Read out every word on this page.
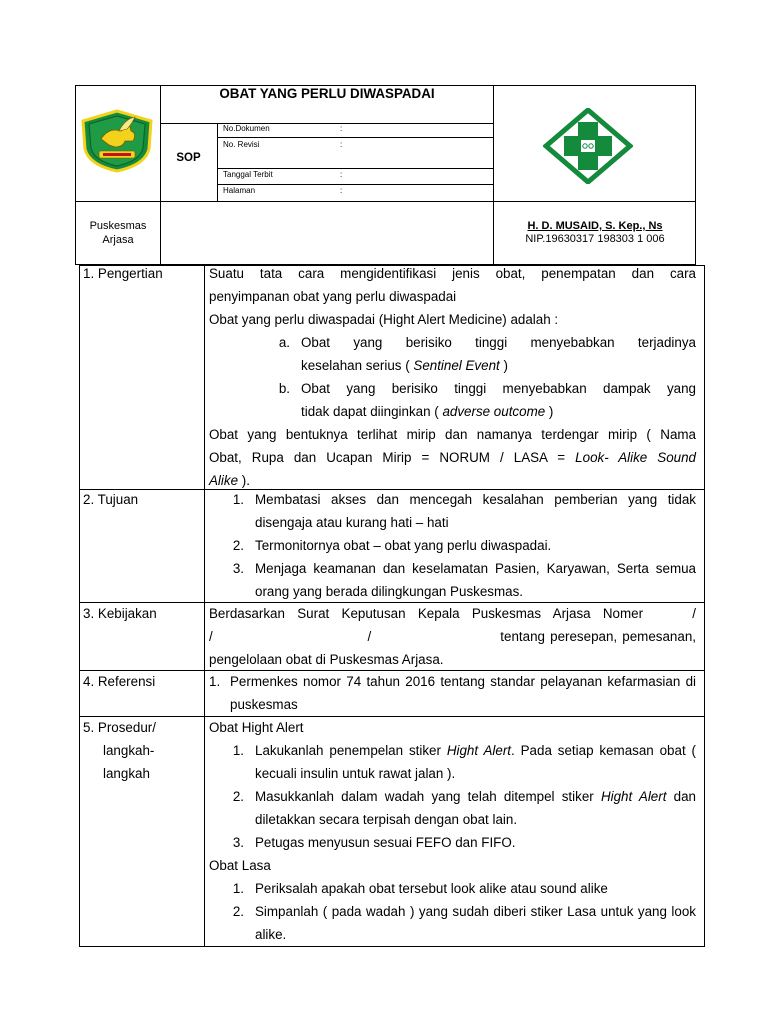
OBAT YANG PERLU DIWASPADAI
SOP
No.Dokumen	:
No. Revisi	:
Tanggal Terbit	:
Halaman	:
Puskesmas
Arjasa
H. D. MUSAID, S. Kep., Ns
NIP.19630317 198303 1 006
1. Pengertian	Suatu tata cara mengidentifikasi jenis obat, penempatan dan cara
penyimpanan obat yang perlu diwaspadai
Obat yang perlu diwaspadai (Hight Alert Medicine) adalah :
a. Obat yang berisiko tinggi menyebabkan terjadinya
keselahan serius ( Sentinel Event )
b. Obat yang berisiko tinggi menyebabkan dampak yang
tidak dapat diinginkan ( adverse outcome )
Obat yang bentuknya terlihat mirip dan namanya terdengar mirip ( Nama
Obat, Rupa dan Ucapan Mirip = NORUM / LASA = Look- Alike Sound
Alike ).
2. Tujuan	1. Membatasi akses dan mencegah kesalahan pemberian yang tidak disengaja atau kurang hati – hati
2. Termonitornya obat – obat yang perlu diwaspadai.
3. Menjaga keamanan dan keselamatan Pasien, Karyawan, Serta semua orang yang berada dilingkungan Puskesmas.
3. Kebijakan	Berdasarkan Surat Keputusan Kepala Puskesmas Arjasa Nomer    /
/                              /                         tentang peresepan, pemesanan,
pengelolaan obat di Puskesmas Arjasa.
4. Referensi	1. Permenkes nomor 74 tahun 2016 tentang standar pelayanan kefarmasian di puskesmas
5. Prosedur/
langkah-
langkah
Obat Hight Alert
1. Lakukanlah penempelan stiker Hight Alert. Pada setiap kemasan obat ( kecuali insulin untuk rawat jalan ).
2. Masukkanlah dalam wadah yang telah ditempel stiker Hight Alert dan diletakkan secara terpisah dengan obat lain.
3. Petugas menyusun sesuai FEFO dan FIFO.
Obat Lasa
1. Periksalah apakah obat tersebut look alike atau sound alike
2. Simpanlah ( pada wadah ) yang sudah diberi stiker Lasa untuk yang look alike.
